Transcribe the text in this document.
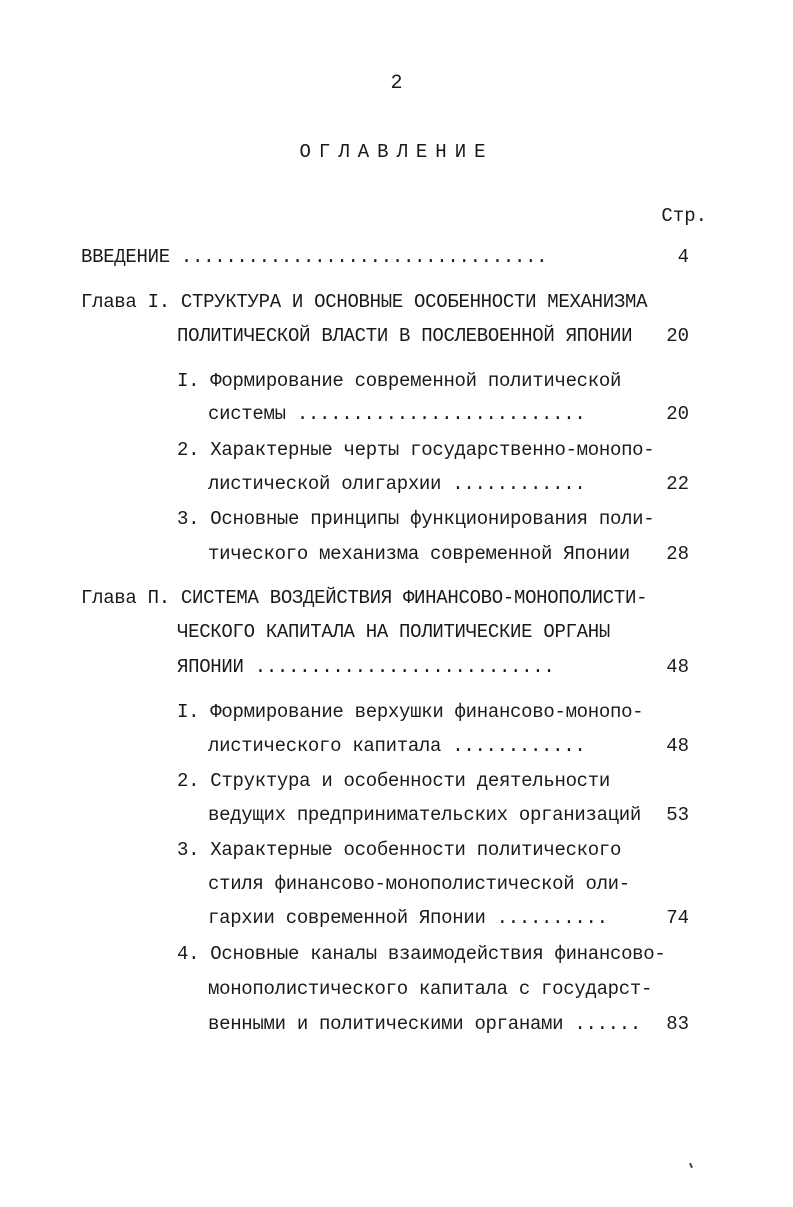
2
ОГЛАВЛЕНИЕ
Стр.
ВВЕДЕНИЕ .................................	4
Глава I. СТРУКТУРА И ОСНОВНЫЕ ОСОБЕННОСТИ МЕХАНИЗМА
ПОЛИТИЧЕСКОЙ ВЛАСТИ В ПОСЛЕВОЕННОЙ ЯПОНИИ 20
I. Формирование современной политической
системы ..........................	20
2. Характерные черты государственно-монопо-
листической олигархии ............	22
3. Основные принципы функционирования поли-
тического механизма современной Японии 28
Глава П. СИСТЕМА ВОЗДЕЙСТВИЯ ФИНАНСОВО-МОНОПОЛИСТИ-
ЧЕСКОГО КАПИТАЛА НА ПОЛИТИЧЕСКИЕ ОРГАНЫ
ЯПОНИИ ...........................	48
I. Формирование верхушки финансово-монопо-
листического капитала ............	48
2. Структура и особенности деятельности
ведущих предпринимательских организаций 53
3. Характерные особенности политического
стиля финансово-монополистической оли-
гархии современной Японии ..........	74
4. Основные каналы взаимодействия финансово-
монополистического капитала с государст-
венными и политическими органами ...... 83
